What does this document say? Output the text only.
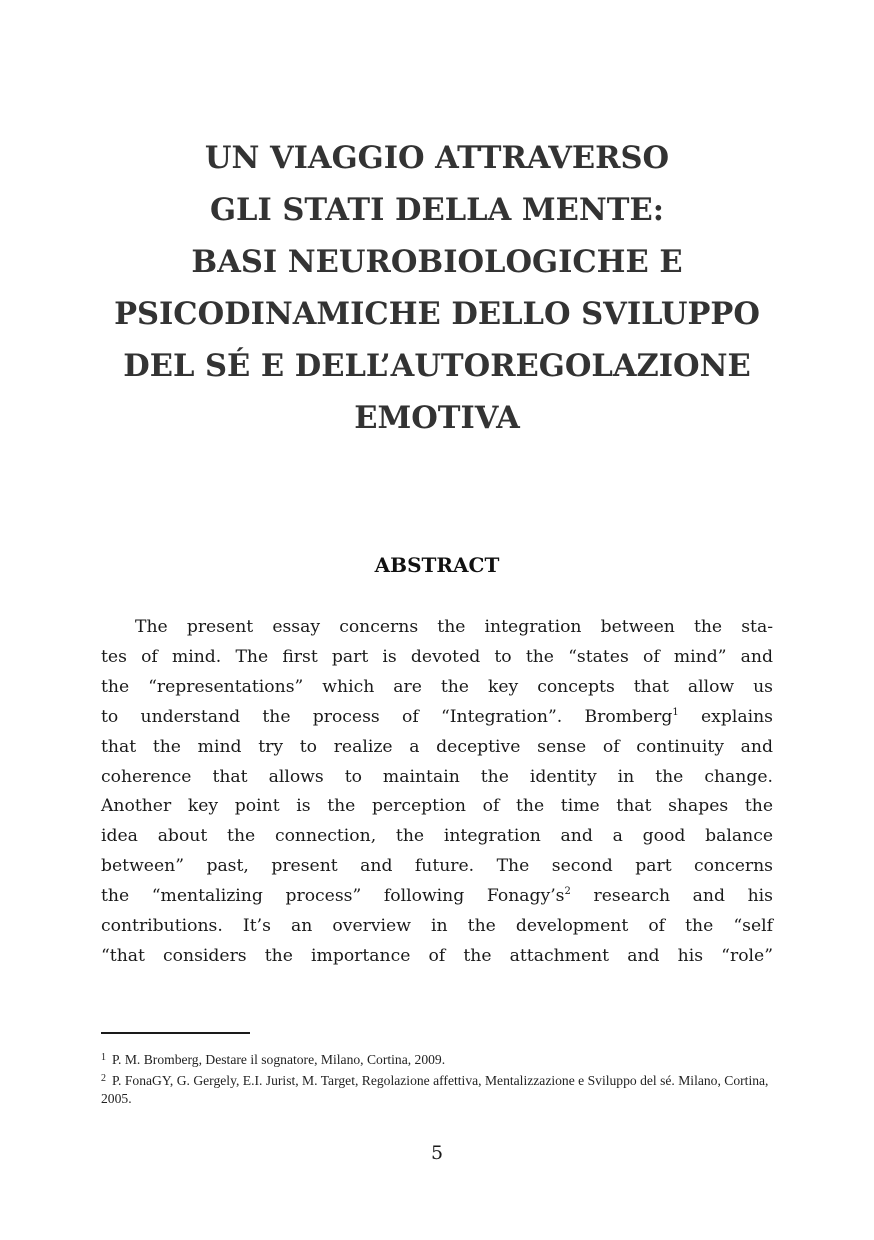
UN VIAGGIO ATTRAVERSO
GLI STATI DELLA MENTE:
BASI NEUROBIOLOGICHE E
PSICODINAMICHE DELLO SVILUPPO
DEL SÉ E DELL’AUTOREGOLAZIONE
EMOTIVA
ABSTRACT
The present essay concerns the integration between the sta-
tes of mind. The first part is devoted to the “states of mind” and
the “representations” which are the key concepts that allow us
to understand the process of “Integration”. Bromberg$^1$ explains
that the mind try to realize a deceptive sense of continuity and
coherence that allows to maintain the identity in the change.
Another key point is the perception of the time that shapes the
idea about the connection, the integration and a good balance
between” past, present and future. The second part concerns
the “mentalizing process” following Fonagy’s$^2$ research and his
contributions. It’s an overview in the development of the “self
“that considers the importance of the attachment and his “role”
$^1$ P. M. Bromberg, Destare il sognatore, Milano, Cortina, 2009.
$^2$ P. FonaGY, G. Gergely, E.I. Jurist, M. Target, Regolazione affettiva, Mentalizzazione e Sviluppo del sé. Milano, Cortina, 2005.
5
